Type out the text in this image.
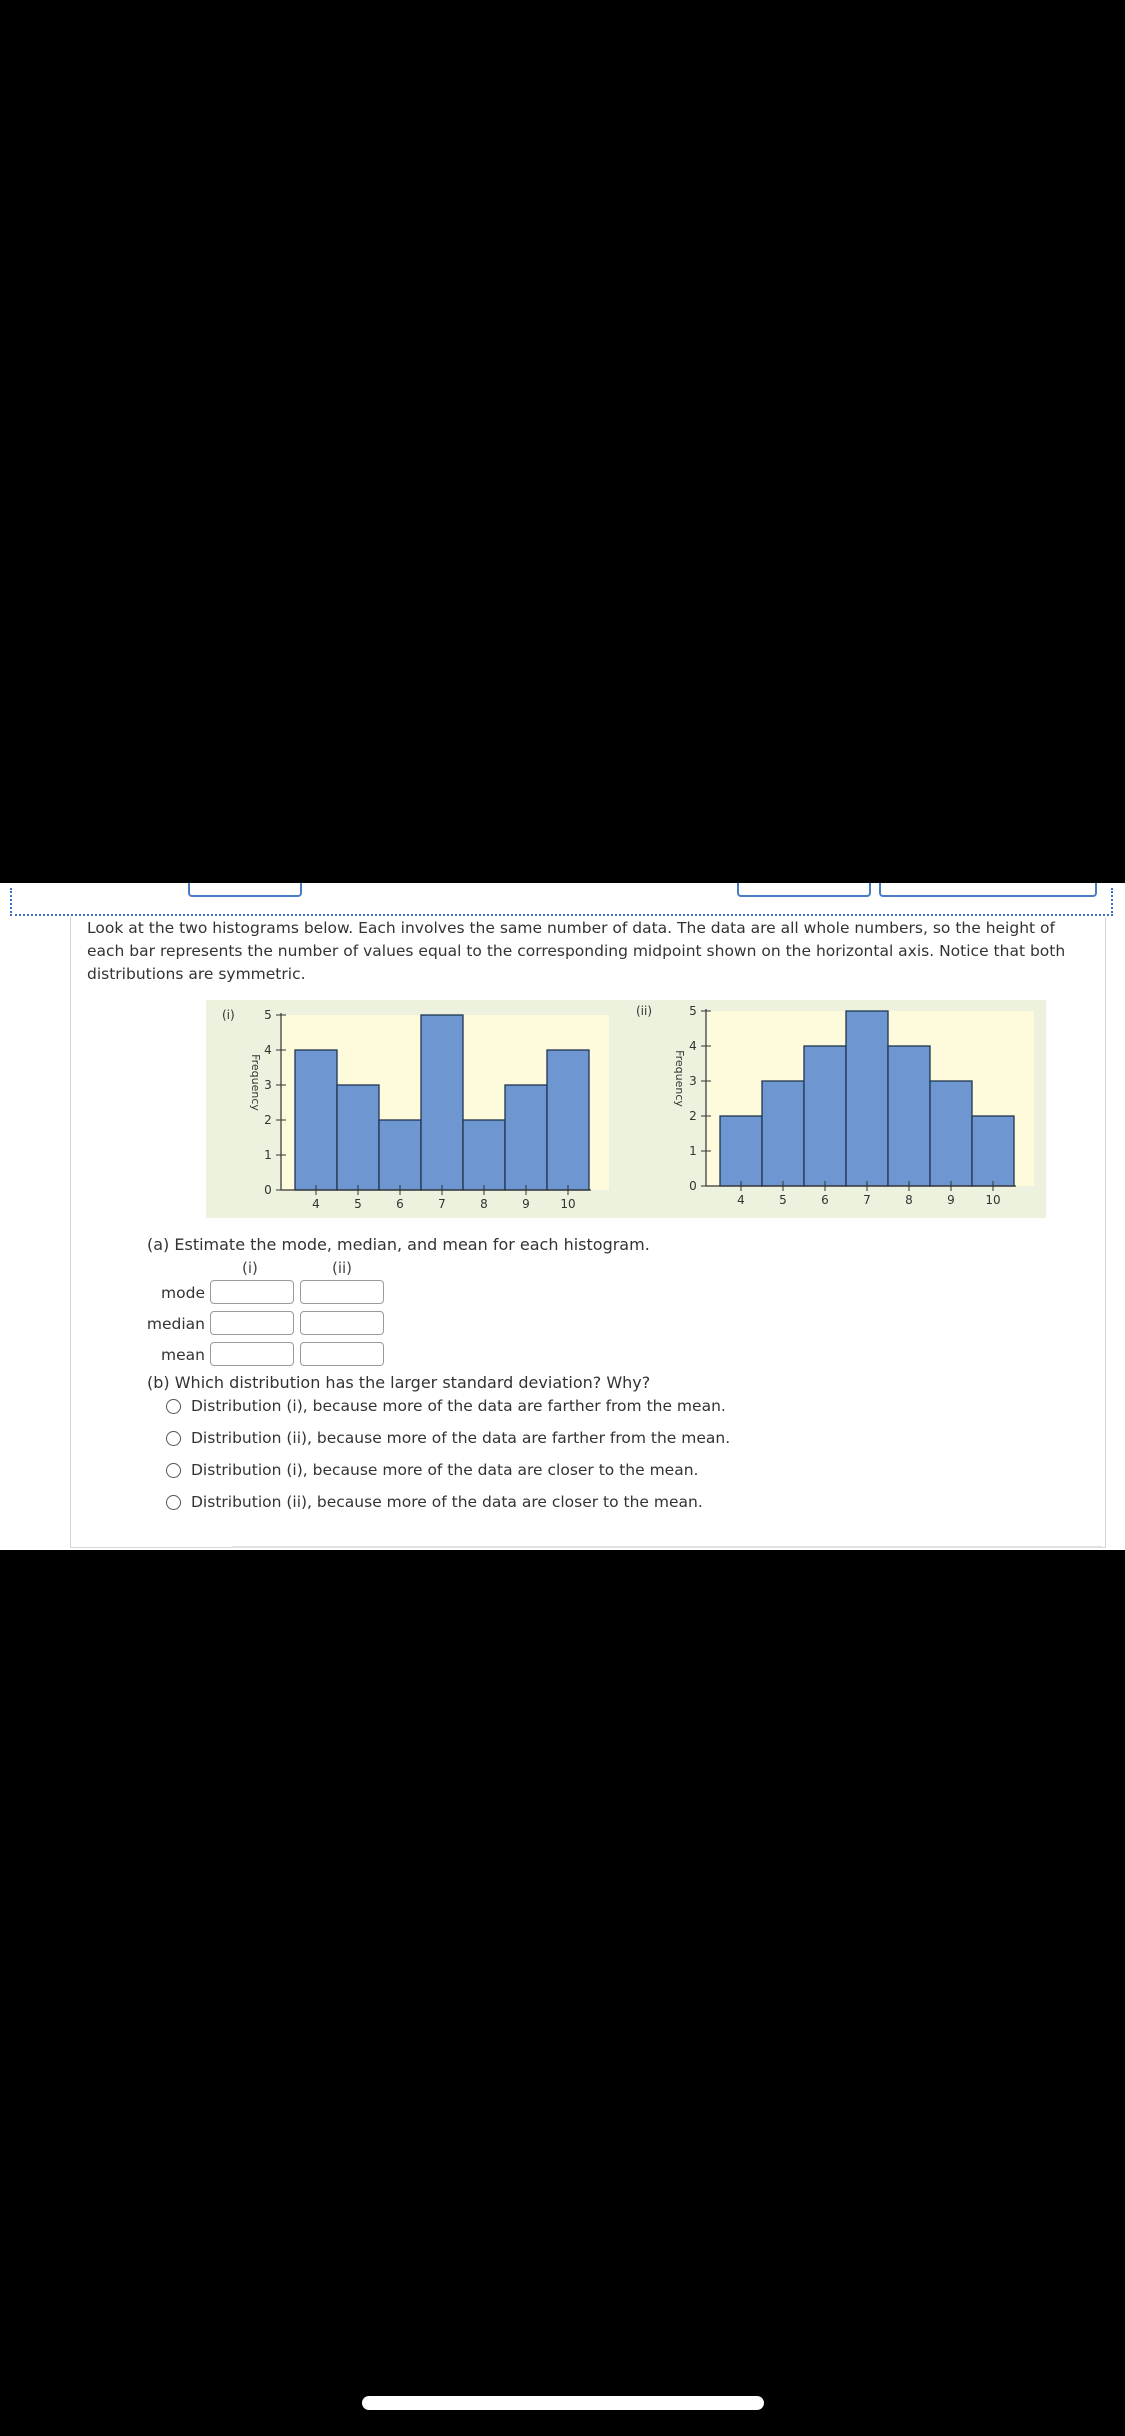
Look at the two histograms below. Each involves the same number of data. The data are all whole numbers, so the height of each bar represents the number of values equal to the corresponding midpoint shown on the horizontal axis. Notice that both distributions are symmetric.
(i)
Frequency
0
1
2
3
4
5
4	5	6	7	8	9	10
(ii)
Frequency
0
1
2
3
4
5
4	5	6	7	8	9	10
(a) Estimate the mode, median, and mean for each histogram.
(i)	(ii)
mode
median
mean
(b) Which distribution has the larger standard deviation? Why?
Distribution (i), because more of the data are farther from the mean.
Distribution (ii), because more of the data are farther from the mean.
Distribution (i), because more of the data are closer to the mean.
Distribution (ii), because more of the data are closer to the mean.
